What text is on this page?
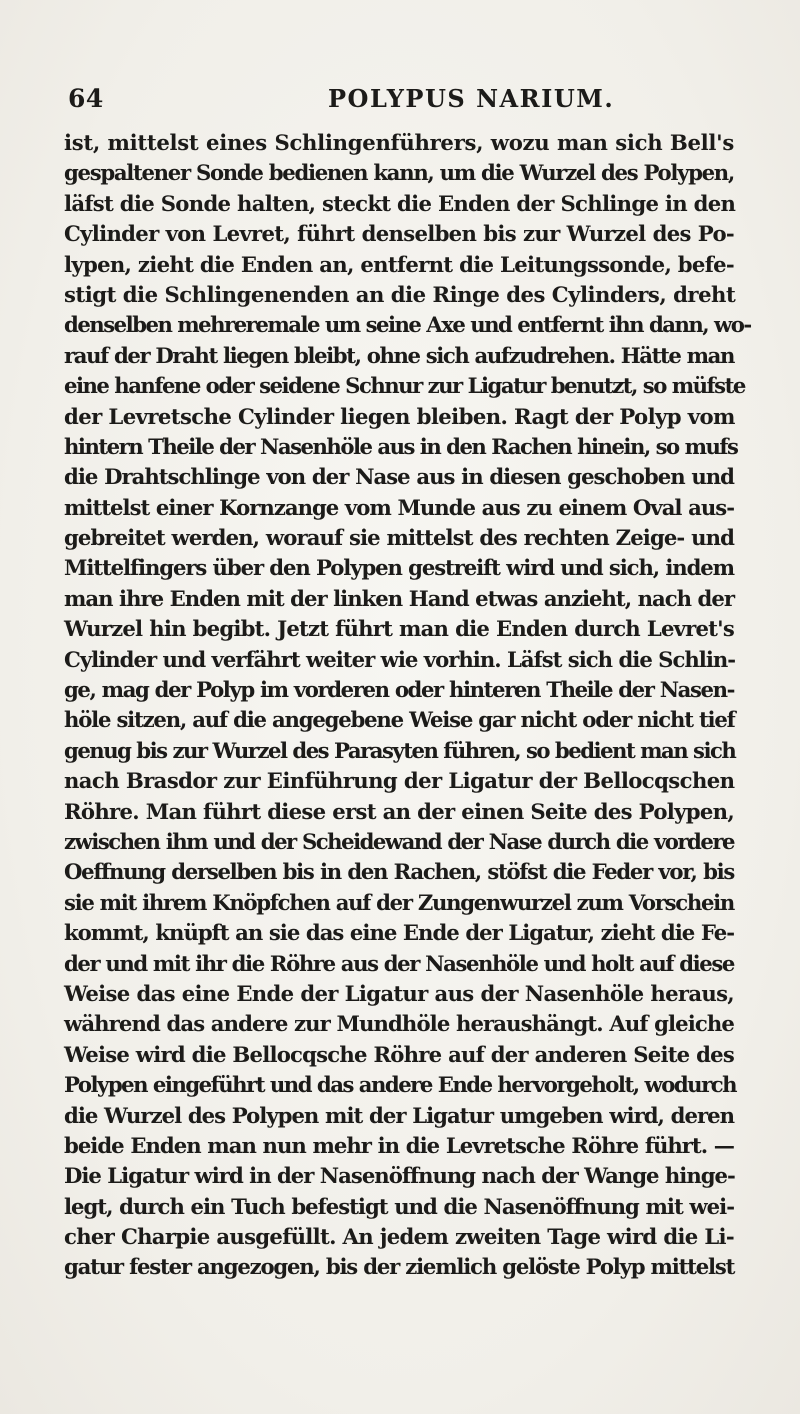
64	POLYPUS NARIUM.
ist, mittelst eines Schlingenführers, wozu man sich Bell's
gespaltener Sonde bedienen kann, um die Wurzel des Polypen,
läfst die Sonde halten, steckt die Enden der Schlinge in den
Cylinder von Levret, führt denselben bis zur Wurzel des Po-
lypen, zieht die Enden an, entfernt die Leitungssonde, befe-
stigt die Schlingenenden an die Ringe des Cylinders, dreht
denselben mehreremale um seine Axe und entfernt ihn dann, wo-
rauf der Draht liegen bleibt, ohne sich aufzudrehen. Hätte man
eine hanfene oder seidene Schnur zur Ligatur benutzt, so müfste
der Levretsche Cylinder liegen bleiben. Ragt der Polyp vom
hintern Theile der Nasenhöle aus in den Rachen hinein, so mufs
die Drahtschlinge von der Nase aus in diesen geschoben und
mittelst einer Kornzange vom Munde aus zu einem Oval aus-
gebreitet werden, worauf sie mittelst des rechten Zeige- und
Mittelfingers über den Polypen gestreift wird und sich, indem
man ihre Enden mit der linken Hand etwas anzieht, nach der
Wurzel hin begibt. Jetzt führt man die Enden durch Levret's
Cylinder und verfährt weiter wie vorhin. Läfst sich die Schlin-
ge, mag der Polyp im vorderen oder hinteren Theile der Nasen-
höle sitzen, auf die angegebene Weise gar nicht oder nicht tief
genug bis zur Wurzel des Parasyten führen, so bedient man sich
nach Brasdor zur Einführung der Ligatur der Bellocqschen
Röhre. Man führt diese erst an der einen Seite des Polypen,
zwischen ihm und der Scheidewand der Nase durch die vordere
Oeffnung derselben bis in den Rachen, stöfst die Feder vor, bis
sie mit ihrem Knöpfchen auf der Zungenwurzel zum Vorschein
kommt, knüpft an sie das eine Ende der Ligatur, zieht die Fe-
der und mit ihr die Röhre aus der Nasenhöle und holt auf diese
Weise das eine Ende der Ligatur aus der Nasenhöle heraus,
während das andere zur Mundhöle heraushängt. Auf gleiche
Weise wird die Bellocqsche Röhre auf der anderen Seite des
Polypen eingeführt und das andere Ende hervorgeholt, wodurch
die Wurzel des Polypen mit der Ligatur umgeben wird, deren
beide Enden man nun mehr in die Levretsche Röhre führt. —
Die Ligatur wird in der Nasenöffnung nach der Wange hinge-
legt, durch ein Tuch befestigt und die Nasenöffnung mit wei-
cher Charpie ausgefüllt. An jedem zweiten Tage wird die Li-
gatur fester angezogen, bis der ziemlich gelöste Polyp mittelst
